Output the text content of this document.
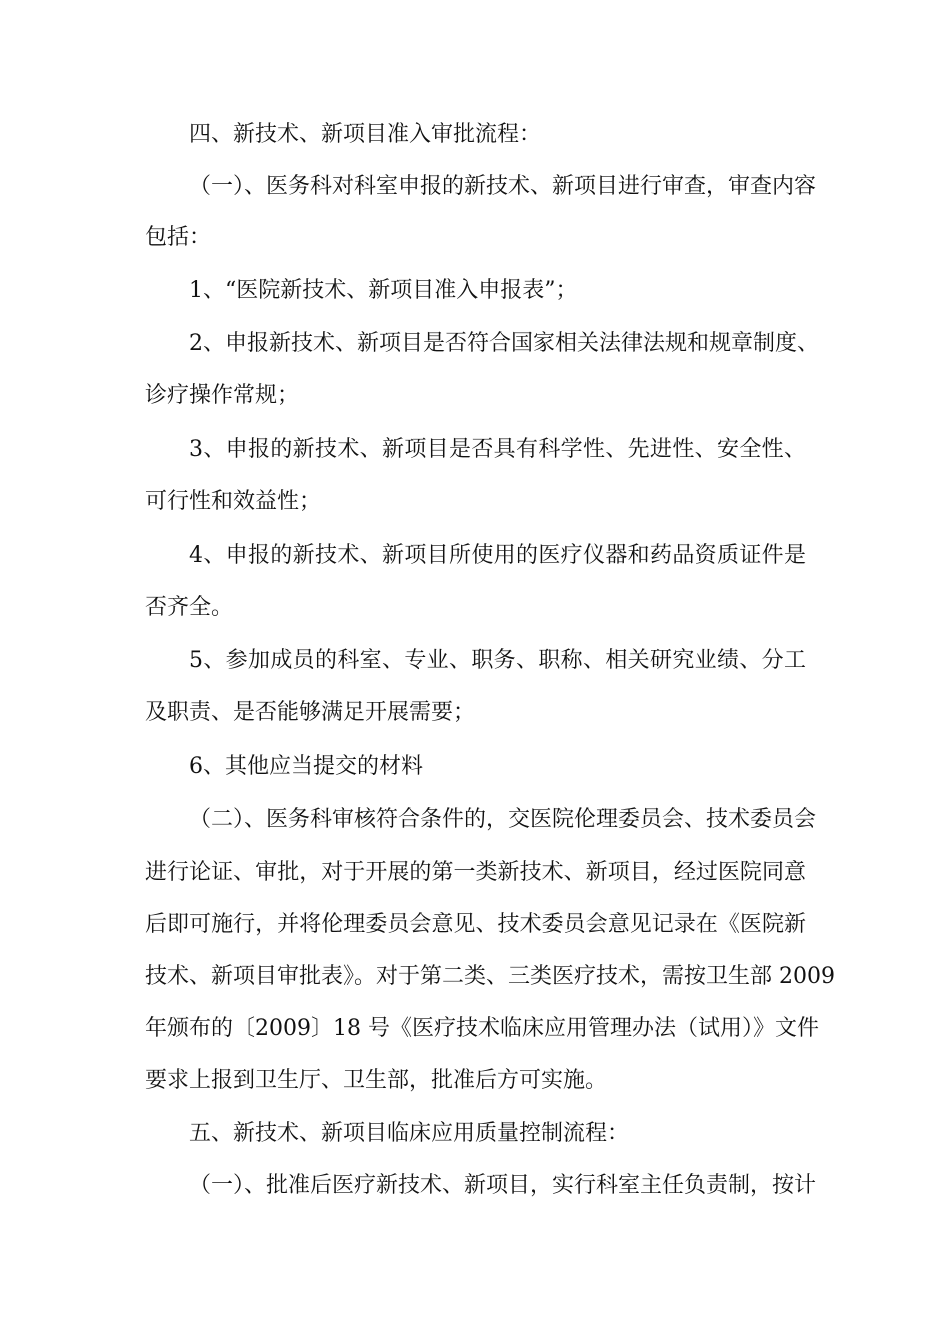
四、新技术、新项目准入审批流程：
（一）、医务科对科室申报的新技术、新项目进行审查，审查内容
包括：
1、“医院新技术、新项目准入申报表”；
2、申报新技术、新项目是否符合国家相关法律法规和规章制度、
诊疗操作常规；
3、申报的新技术、新项目是否具有科学性、先进性、安全性、
可行性和效益性；
4、申报的新技术、新项目所使用的医疗仪器和药品资质证件是
否齐全。
5、参加成员的科室、专业、职务、职称、相关研究业绩、分工
及职责、是否能够满足开展需要；
6、其他应当提交的材料
（二）、医务科审核符合条件的，交医院伦理委员会、技术委员会
进行论证、审批，对于开展的第一类新技术、新项目，经过医院同意
后即可施行，并将伦理委员会意见、技术委员会意见记录在《医院新
技术、新项目审批表》。对于第二类、三类医疗技术，需按卫生部 2009
年颁布的〔2009〕18 号《医疗技术临床应用管理办法（试用）》文件
要求上报到卫生厅、卫生部，批准后方可实施。
五、新技术、新项目临床应用质量控制流程：
（一）、批准后医疗新技术、新项目，实行科室主任负责制，按计
